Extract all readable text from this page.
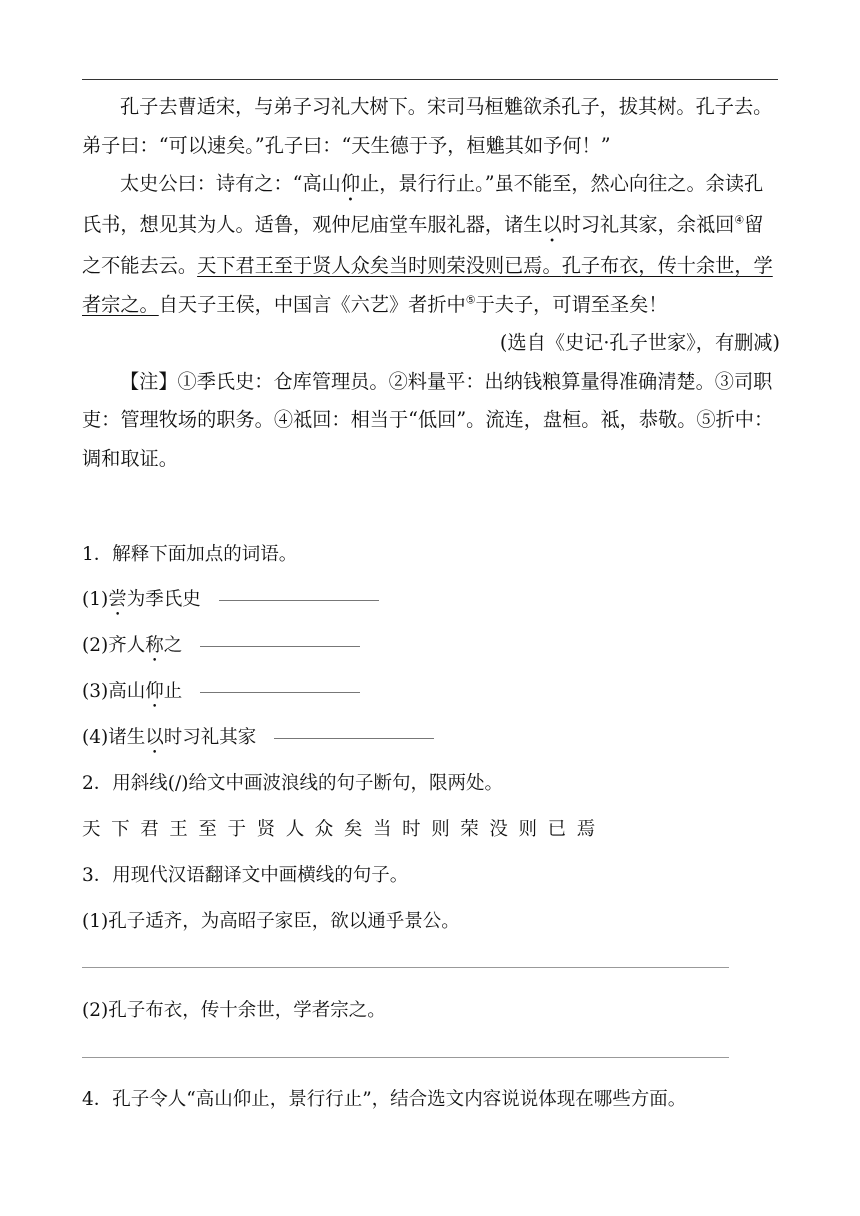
孔子去曹适宋，与弟子习礼大树下。宋司马桓魋欲杀孔子，拔其树。孔子去。弟子曰：“可以速矣。”孔子曰：“天生德于予，桓魋其如予何！”

太史公曰：诗有之：“高山仰止，景行行止。”虽不能至，然心向往之。余读孔氏书，想见其为人。适鲁，观仲尼庙堂车服礼器，诸生以时习礼其家，余祗回④留之不能去云。天下君王至于贤人众矣当时则荣没则已焉。孔子布衣，传十余世，学者宗之。自天子王侯，中国言《六艺》者折中⑤于夫子，可谓至圣矣！

(选自《史记·孔子世家》，有删减)

【注】①季氏史：仓库管理员。②料量平：出纳钱粮算量得准确清楚。③司职吏：管理牧场的职务。④祗回：相当于“低回”。流连，盘桓。祗，恭敬。⑤折中：调和取证。

1．解释下面加点的词语。
(1)尝为季氏史
(2)齐人称之
(3)高山仰止
(4)诸生以时习礼其家
2．用斜线(/)给文中画波浪线的句子断句，限两处。
天下君王至于贤人众矣当时则荣没则已焉
3．用现代汉语翻译文中画横线的句子。
(1)孔子适齐，为高昭子家臣，欲以通乎景公。
(2)孔子布衣，传十余世，学者宗之。
4．孔子令人“高山仰止，景行行止”，结合选文内容说说体现在哪些方面。
